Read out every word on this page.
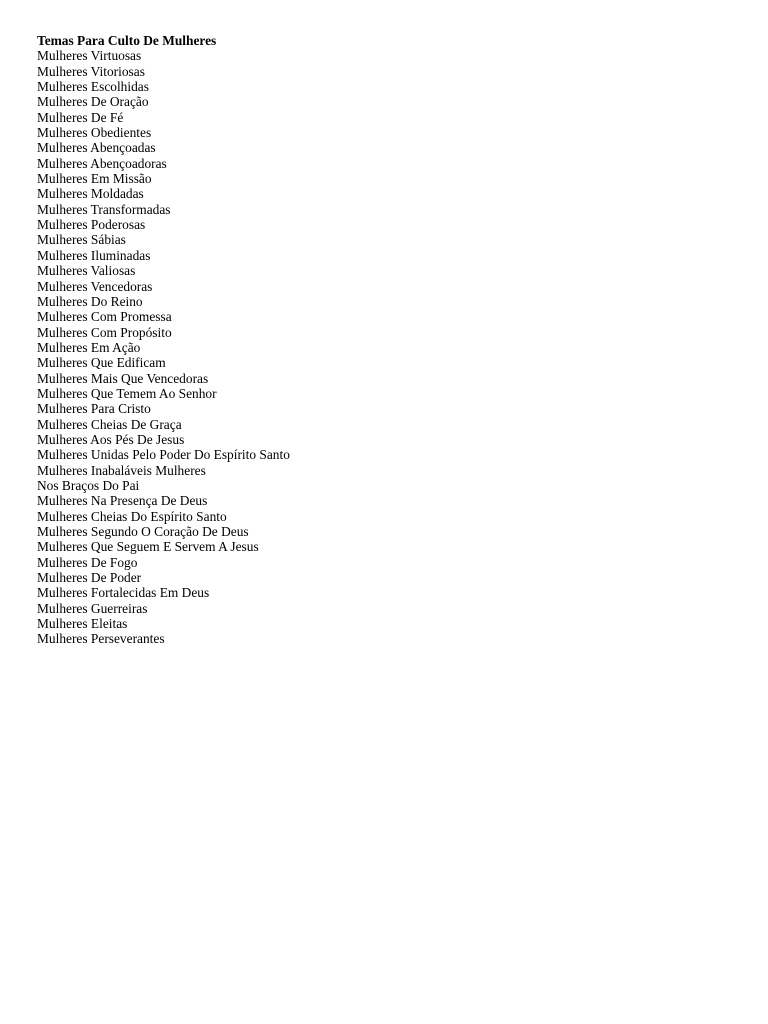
Temas Para Culto De Mulheres
Mulheres Virtuosas
Mulheres Vitoriosas
Mulheres Escolhidas
Mulheres De Oração
Mulheres De Fé
Mulheres Obedientes
Mulheres Abençoadas
Mulheres Abençoadoras
Mulheres Em Missão
Mulheres Moldadas
Mulheres Transformadas
Mulheres Poderosas
Mulheres Sábias
Mulheres Iluminadas
Mulheres Valiosas
Mulheres Vencedoras
Mulheres Do Reino
Mulheres Com Promessa
Mulheres Com Propósito
Mulheres Em Ação
Mulheres Que Edificam
Mulheres Mais Que Vencedoras
Mulheres Que Temem Ao Senhor
Mulheres Para Cristo
Mulheres Cheias De Graça
Mulheres Aos Pés De Jesus
Mulheres Unidas Pelo Poder Do Espírito Santo
Mulheres Inabaláveis Mulheres
Nos Braços Do Pai
Mulheres Na Presença De Deus
Mulheres Cheias Do Espírito Santo
Mulheres Segundo O Coração De Deus
Mulheres Que Seguem E Servem A Jesus
Mulheres De Fogo
Mulheres De Poder
Mulheres Fortalecidas Em Deus
Mulheres Guerreiras
Mulheres Eleitas
Mulheres Perseverantes
